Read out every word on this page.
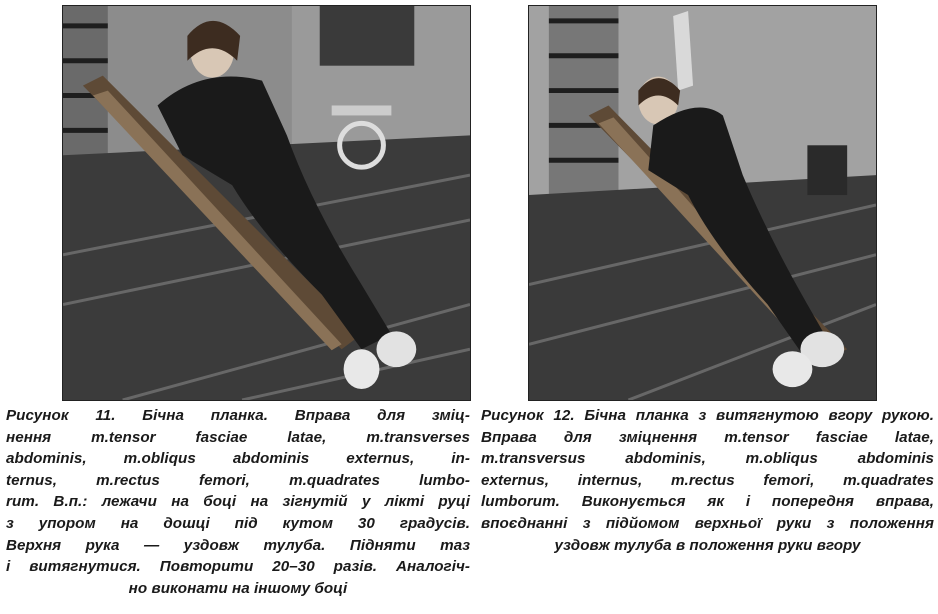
Рисунок 11. Бічна планка. Вправа для зміц-
нення m.tensor fasciae latae, m.transverses
abdominis, m.obliqus abdominis externus, in-
ternus, m.rectus femori, m.quadrates lumbo-
rum. В.п.: лежачи на боці на зігнутій у лікті руці
з упором на дошці під кутом 30 градусів.
Верхня рука — уздовж тулуба. Підняти таз
і витягнутися. Повторити 20–30 разів. Аналогіч-
но виконати на іншому боці
Рисунок 12. Бічна планка з витягнутою вгору рукою.
Вправа для зміцнення m.tensor fasciae latae,
m.transversus abdominis, m.obliqus abdominis
externus, internus, m.rectus femori, m.quadrates
lumborum. Виконується як і попередня вправа,
впоєднанні з підйомом верхньої руки з положення
уздовж тулуба в положення руки вгору
